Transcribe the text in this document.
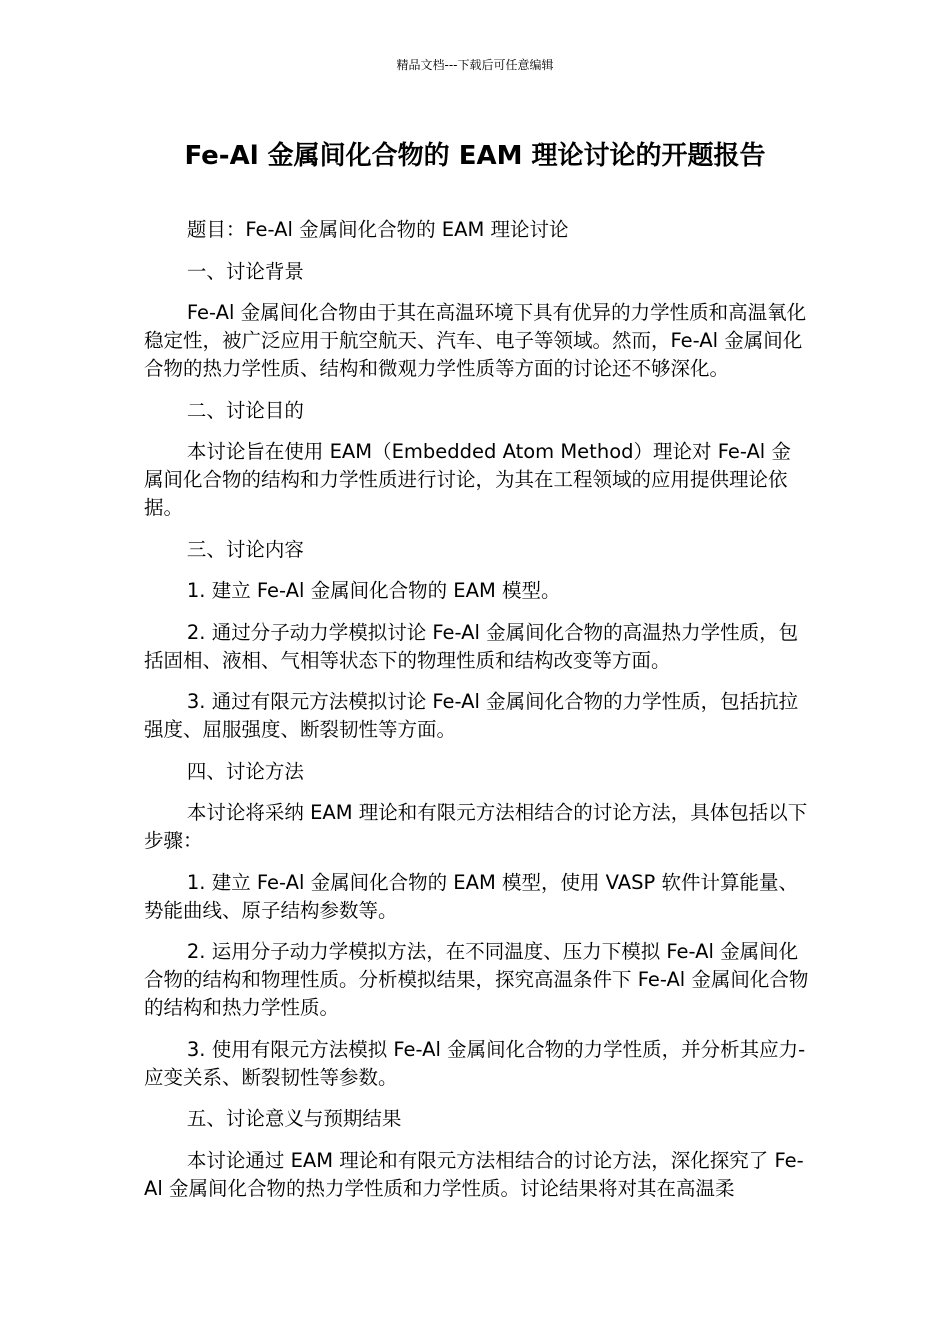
精品文档---下载后可任意编辑
Fe-Al 金属间化合物的 EAM 理论讨论的开题报告

题目：Fe-Al 金属间化合物的 EAM 理论讨论

一、讨论背景

Fe-Al 金属间化合物由于其在高温环境下具有优异的力学性质和高温氧化稳定性，被广泛应用于航空航天、汽车、电子等领域。然而，Fe-Al 金属间化合物的热力学性质、结构和微观力学性质等方面的讨论还不够深化。

二、讨论目的

本讨论旨在使用 EAM（Embedded Atom Method）理论对 Fe-Al 金属间化合物的结构和力学性质进行讨论，为其在工程领域的应用提供理论依据。

三、讨论内容

1. 建立 Fe-Al 金属间化合物的 EAM 模型。

2. 通过分子动力学模拟讨论 Fe-Al 金属间化合物的高温热力学性质，包括固相、液相、气相等状态下的物理性质和结构改变等方面。

3. 通过有限元方法模拟讨论 Fe-Al 金属间化合物的力学性质，包括抗拉强度、屈服强度、断裂韧性等方面。

四、讨论方法

本讨论将采纳 EAM 理论和有限元方法相结合的讨论方法，具体包括以下步骤：

1. 建立 Fe-Al 金属间化合物的 EAM 模型，使用 VASP 软件计算能量、势能曲线、原子结构参数等。

2. 运用分子动力学模拟方法，在不同温度、压力下模拟 Fe-Al 金属间化合物的结构和物理性质。分析模拟结果，探究高温条件下 Fe-Al 金属间化合物的结构和热力学性质。

3. 使用有限元方法模拟 Fe-Al 金属间化合物的力学性质，并分析其应力-应变关系、断裂韧性等参数。

五、讨论意义与预期结果

本讨论通过 EAM 理论和有限元方法相结合的讨论方法，深化探究了 Fe-Al 金属间化合物的热力学性质和力学性质。讨论结果将对其在高温柔
